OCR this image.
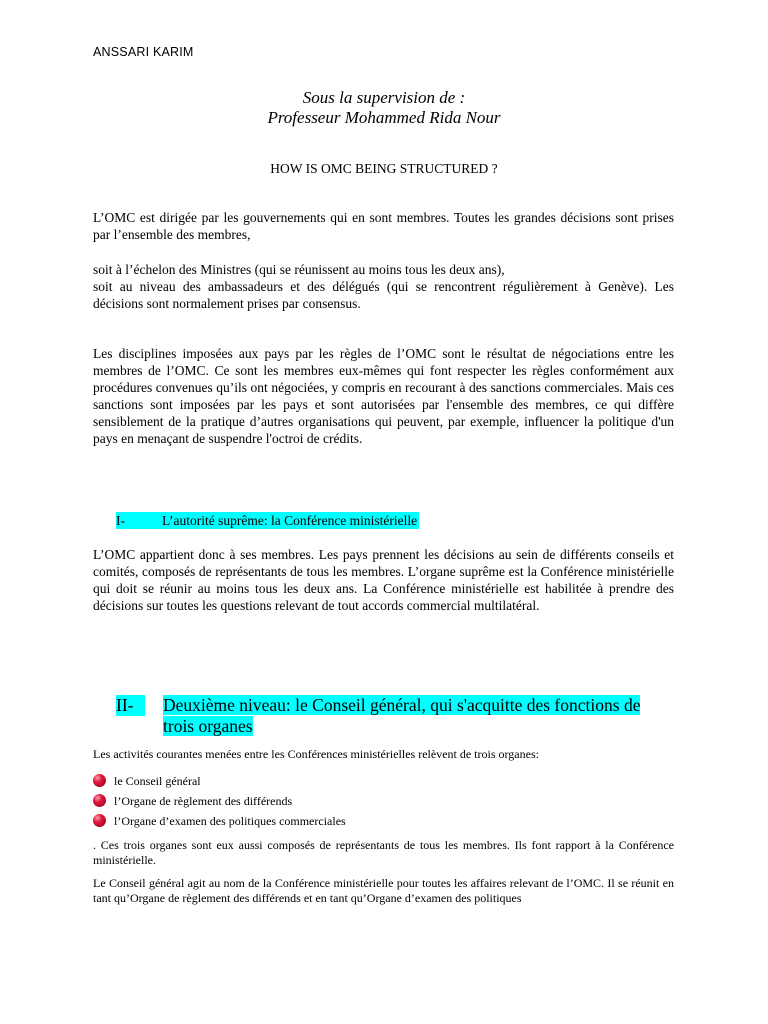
ANSSARI KARIM
Sous la supervision de :
Professeur Mohammed Rida Nour
HOW IS OMC BEING STRUCTURED ?
L’OMC est dirigée par les gouvernements qui en sont membres. Toutes les grandes décisions sont prises par l’ensemble des membres,
soit à l’échelon des Ministres (qui se réunissent au moins tous les deux ans),
soit au niveau des ambassadeurs et des délégués (qui se rencontrent régulièrement à Genève). Les décisions sont normalement prises par consensus.
Les disciplines imposées aux pays par les règles de l’OMC sont le résultat de négociations entre les membres de l’OMC. Ce sont les membres eux-mêmes qui font respecter les règles conformément aux procédures convenues qu’ils ont négociées, y compris en recourant à des sanctions commerciales. Mais ces sanctions sont imposées par les pays et sont autorisées par l'ensemble des membres, ce qui diffère sensiblement de la pratique d’autres organisations qui peuvent, par exemple, influencer la politique d'un pays en menaçant de suspendre l'octroi de crédits.
I-	L’autorité suprême: la Conférence ministérielle
L’OMC appartient donc à ses membres. Les pays prennent les décisions au sein de différents conseils et comités, composés de représentants de tous les membres. L’organe suprême est la Conférence ministérielle qui doit se réunir au moins tous les deux ans. La Conférence ministérielle est habilitée à prendre des décisions sur toutes les questions relevant de tout accords commercial multilatéral.
II-	Deuxième niveau: le Conseil général, qui s'acquitte des fonctions de trois organes
Les activités courantes menées entre les Conférences ministérielles relèvent de trois organes:
le Conseil général
l’Organe de règlement des différends
l’Organe d’examen des politiques commerciales
. Ces trois organes sont eux aussi composés de représentants de tous les membres. Ils font rapport à la Conférence ministérielle.
Le Conseil général agit au nom de la Conférence ministérielle pour toutes les affaires relevant de l’OMC. Il se réunit en tant qu’Organe de règlement des différends et en tant qu’Organe d’examen des politiques
